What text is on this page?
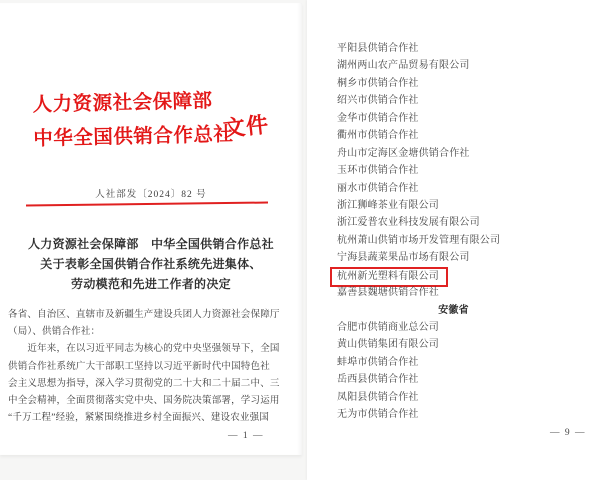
人力资源社会保障部
中华全国供销合作总社
文件
人社部发〔2024〕82 号
人力资源社会保障部　中华全国供销合作总社
关于表彰全国供销合作社系统先进集体、
劳动模范和先进工作者的决定
各省、自治区、直辖市及新疆生产建设兵团人力资源社会保障厅
（局）、供销合作社：
　　近年来，在以习近平同志为核心的党中央坚强领导下，全国
供销合作社系统广大干部职工坚持以习近平新时代中国特色社
会主义思想为指导，深入学习贯彻党的二十大和二十届二中、三
中全会精神，全面贯彻落实党中央、国务院决策部署，学习运用
“千万工程”经验，紧紧围绕推进乡村全面振兴、建设农业强国
— 1 —
平阳县供销合作社
湖州两山农产品贸易有限公司
桐乡市供销合作社
绍兴市供销合作社
金华市供销合作社
衢州市供销合作社
舟山市定海区金塘供销合作社
玉环市供销合作社
丽水市供销合作社
浙江狮峰茶业有限公司
浙江爱普农业科技发展有限公司
杭州萧山供销市场开发管理有限公司
宁海县蔬菜果品市场有限公司
杭州新光塑料有限公司
嘉善县魏塘供销合作社
安徽省
合肥市供销商业总公司
黄山供销集团有限公司
蚌埠市供销合作社
岳西县供销合作社
凤阳县供销合作社
无为市供销合作社
— 9 —
